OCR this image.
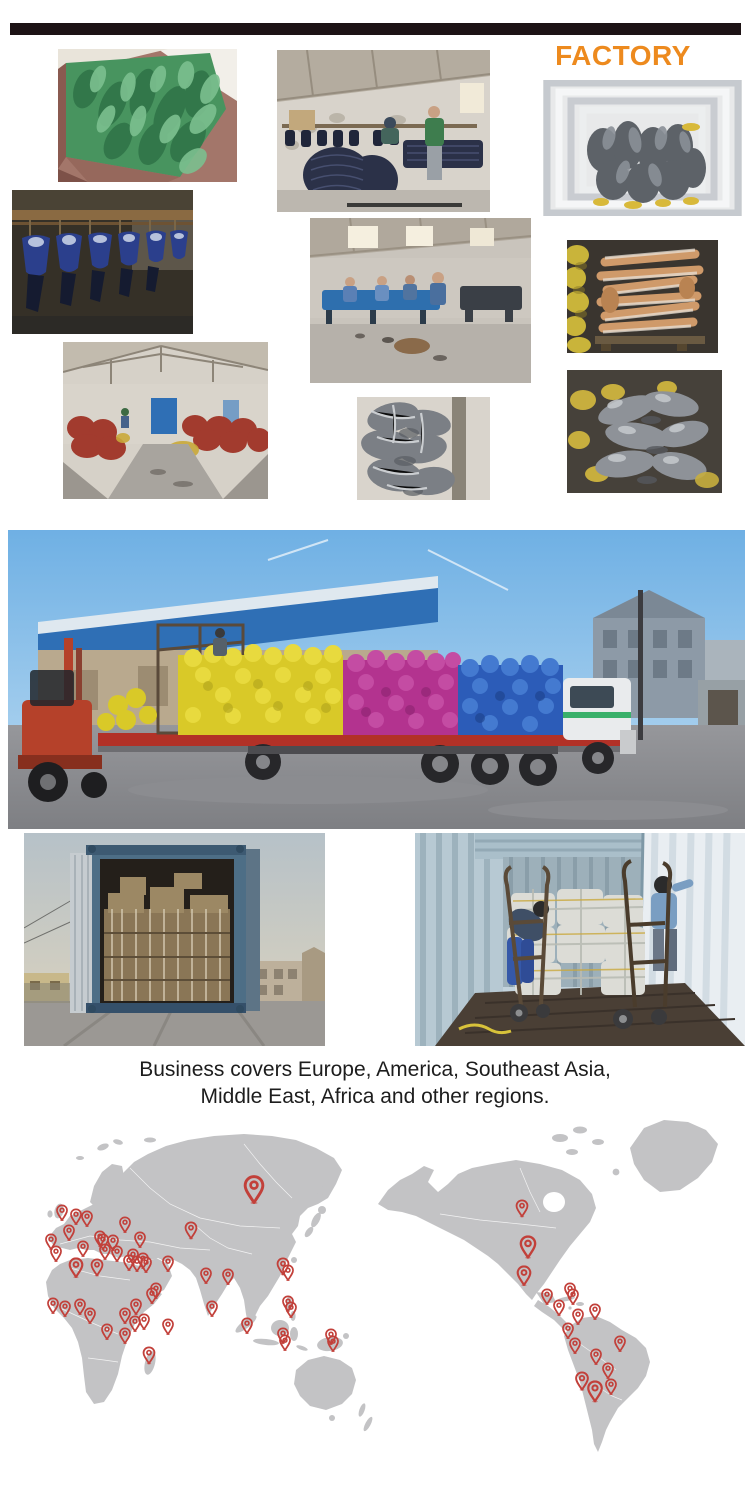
FACTORY
Business covers Europe, America, Southeast Asia,
Middle East, Africa and other regions.
